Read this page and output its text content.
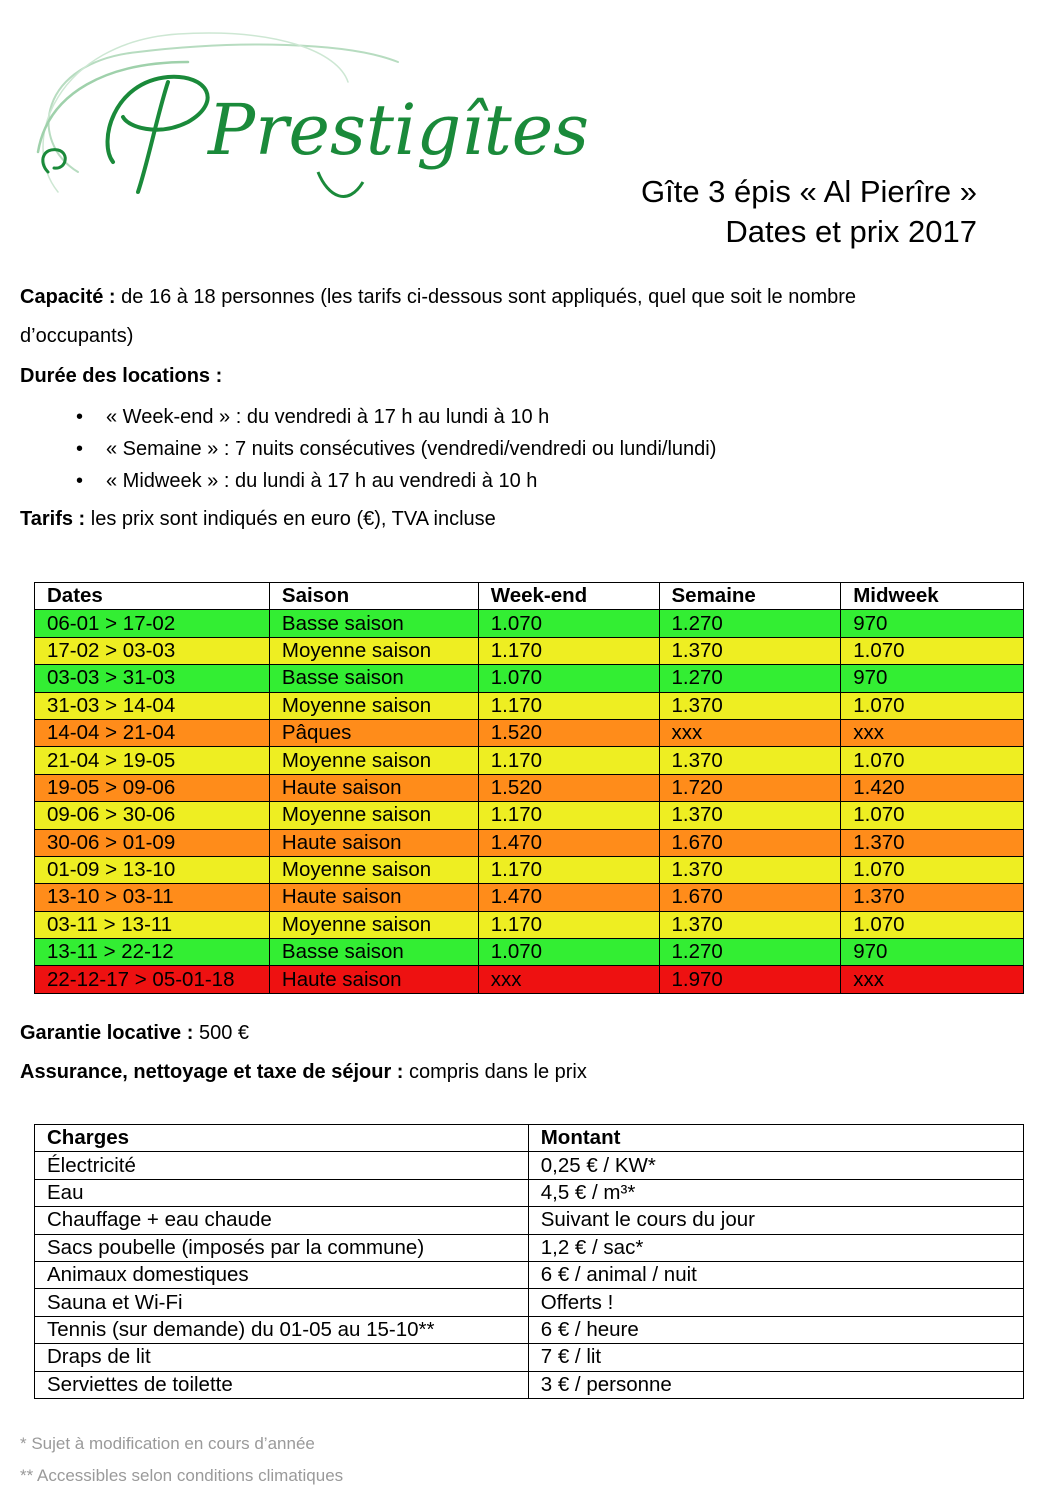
Prestigîtes
Gîte 3 épis « Al Pierîre »
Dates et prix 2017
Capacité : de 16 à 18 personnes (les tarifs ci-dessous sont appliqués, quel que soit le nombre
d’occupants)
Durée des locations :
• « Week-end » : du vendredi à 17 h au lundi à 10 h
• « Semaine » : 7 nuits consécutives (vendredi/vendredi ou lundi/lundi)
• « Midweek » : du lundi à 17 h au vendredi à 10 h
Tarifs : les prix sont indiqués en euro (€), TVA incluse
Dates	Saison	Week-end	Semaine	Midweek
06-01 > 17-02	Basse saison	1.070	1.270	970
17-02 > 03-03	Moyenne saison	1.170	1.370	1.070
03-03 > 31-03	Basse saison	1.070	1.270	970
31-03 > 14-04	Moyenne saison	1.170	1.370	1.070
14-04 > 21-04	Pâques	1.520	xxx	xxx
21-04 > 19-05	Moyenne saison	1.170	1.370	1.070
19-05 > 09-06	Haute saison	1.520	1.720	1.420
09-06 > 30-06	Moyenne saison	1.170	1.370	1.070
30-06 > 01-09	Haute saison	1.470	1.670	1.370
01-09 > 13-10	Moyenne saison	1.170	1.370	1.070
13-10 > 03-11	Haute saison	1.470	1.670	1.370
03-11 > 13-11	Moyenne saison	1.170	1.370	1.070
13-11 > 22-12	Basse saison	1.070	1.270	970
22-12-17 > 05-01-18	Haute saison	xxx	1.970	xxx
Garantie locative : 500 €
Assurance, nettoyage et taxe de séjour : compris dans le prix
Charges	Montant
Électricité	0,25 € / KW*
Eau	4,5 € / m³*
Chauffage + eau chaude	Suivant le cours du jour
Sacs poubelle (imposés par la commune)	1,2 € / sac*
Animaux domestiques	6 € / animal / nuit
Sauna et Wi-Fi	Offerts !
Tennis (sur demande) du 01-05 au 15-10**	6 € / heure
Draps de lit	7 € / lit
Serviettes de toilette	3 € / personne
* Sujet à modification en cours d’année
** Accessibles selon conditions climatiques
